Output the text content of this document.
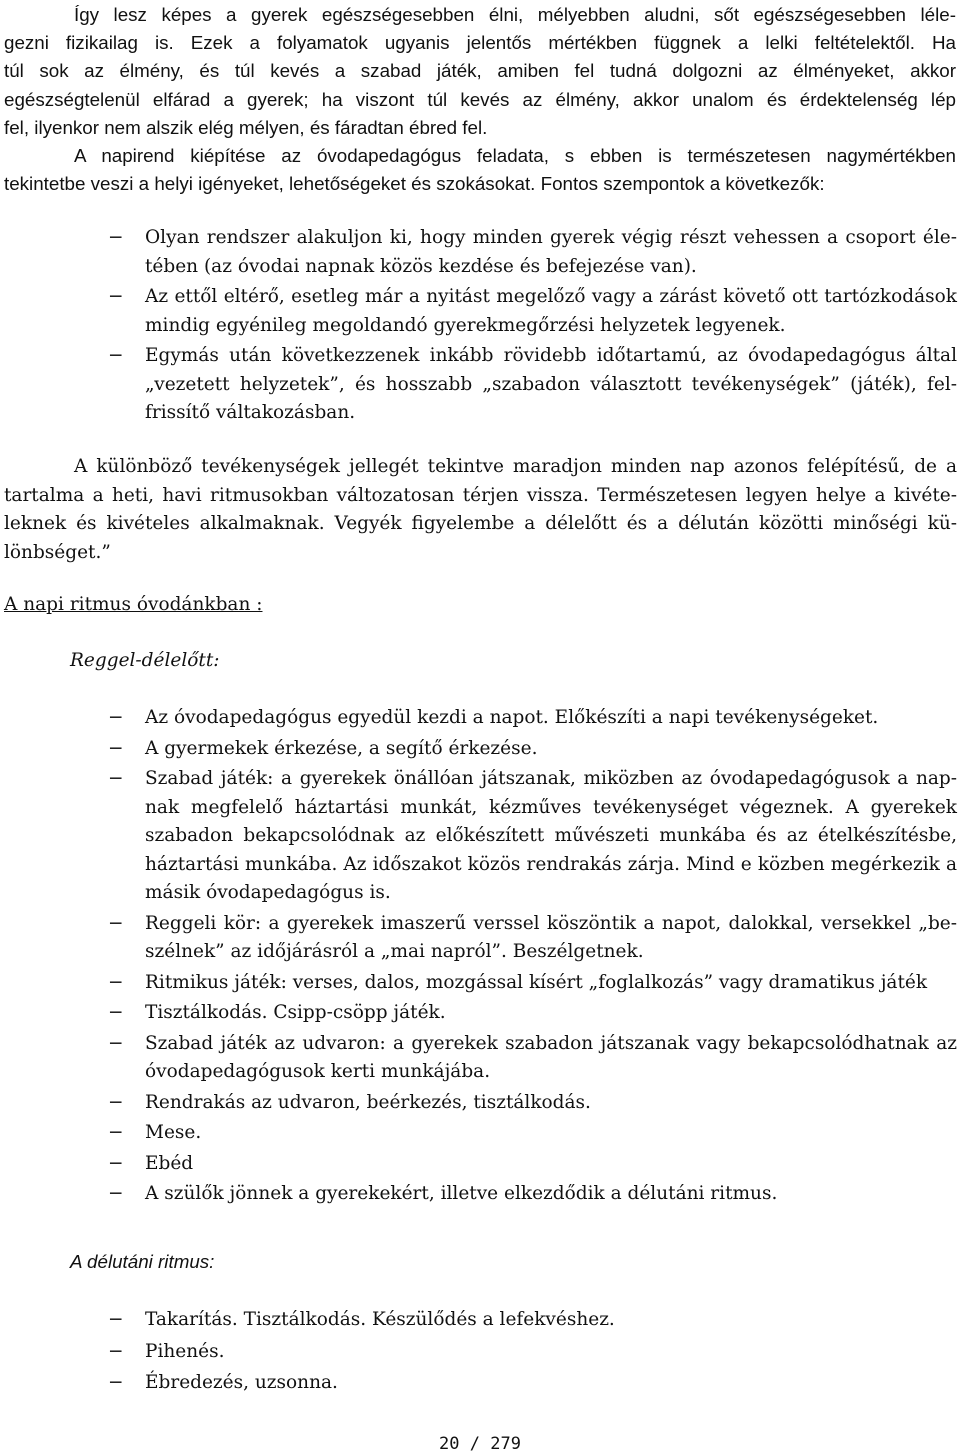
Így lesz képes a gyerek egészségesebben élni, mélyebben aludni, sőt egészségesebben léle-
gezni fizikailag is. Ezek a folyamatok ugyanis jelentős mértékben függnek a lelki feltételektől. Ha
túl sok az élmény, és túl kevés a szabad játék, amiben fel tudná dolgozni az élményeket, akkor
egészségtelenül elfárad a gyerek; ha viszont túl kevés az élmény, akkor unalom és érdektelenség lép
fel, ilyenkor nem alszik elég mélyen, és fáradtan ébred fel.
A napirend kiépítése az óvodapedagógus feladata, s ebben is természetesen nagymértékben
tekintetbe veszi a helyi igényeket, lehetőségeket és szokásokat. Fontos szempontok a következők:
− Olyan rendszer alakuljon ki, hogy minden gyerek végig részt vehessen a csoport éle-tében (az óvodai napnak közös kezdése és befejezése van).
− Az ettől eltérő, esetleg már a nyitást megelőző vagy a zárást követő ott tartózkodások mindig egyénileg megoldandó gyerekmegőrzési helyzetek legyenek.
− Egymás után következzenek inkább rövidebb időtartamú, az óvodapedagógus által „vezetett helyzetek”, és hosszabb „szabadon választott tevékenységek” (játék), fel-frissítő váltakozásban.

A különböző tevékenységek jellegét tekintve maradjon minden nap azonos felépítésű, de a tartalma a heti, havi ritmusokban változatosan térjen vissza. Természetesen legyen helye a kivéte-leknek és kivételes alkalmaknak. Vegyék figyelembe a délelőtt és a délután közötti minőségi kü-lönbséget.”

A napi ritmus óvodánkban :
Reggel-délelőtt:
− Az óvodapedagógus egyedül kezdi a napot. Előkészíti a napi tevékenységeket.
− A gyermekek érkezése, a segítő érkezése.
− Szabad játék: a gyerekek önállóan játszanak, miközben az óvodapedagógusok a nap-nak megfelelő háztartási munkát, kézműves tevékenységet végeznek. A gyerekek szabadon bekapcsolódnak az előkészített művészeti munkába és az ételkészítésbe, háztartási munkába. Az időszakot közös rendrakás zárja. Mind e közben megérkezik a másik óvodapedagógus is.
− Reggeli kör: a gyerekek imaszerű verssel köszöntik a napot, dalokkal, versekkel „be-szélnek” az időjárásról a „mai napról”. Beszélgetnek.
− Ritmikus játék: verses, dalos, mozgással kísért „foglalkozás” vagy dramatikus játék
− Tisztálkodás. Csipp-csöpp játék.
− Szabad játék az udvaron: a gyerekek szabadon játszanak vagy bekapcsolódhatnak az óvodapedagógusok kerti munkájába.
− Rendrakás az udvaron, beérkezés, tisztálkodás.
− Mese.
− Ebéd
− A szülők jönnek a gyerekekért, illetve elkezdődik a délutáni ritmus.
A délutáni ritmus:
− Takarítás. Tisztálkodás. Készülődés a lefekvéshez.
− Pihenés.
− Ébredezés, uzsonna.
20 / 279
